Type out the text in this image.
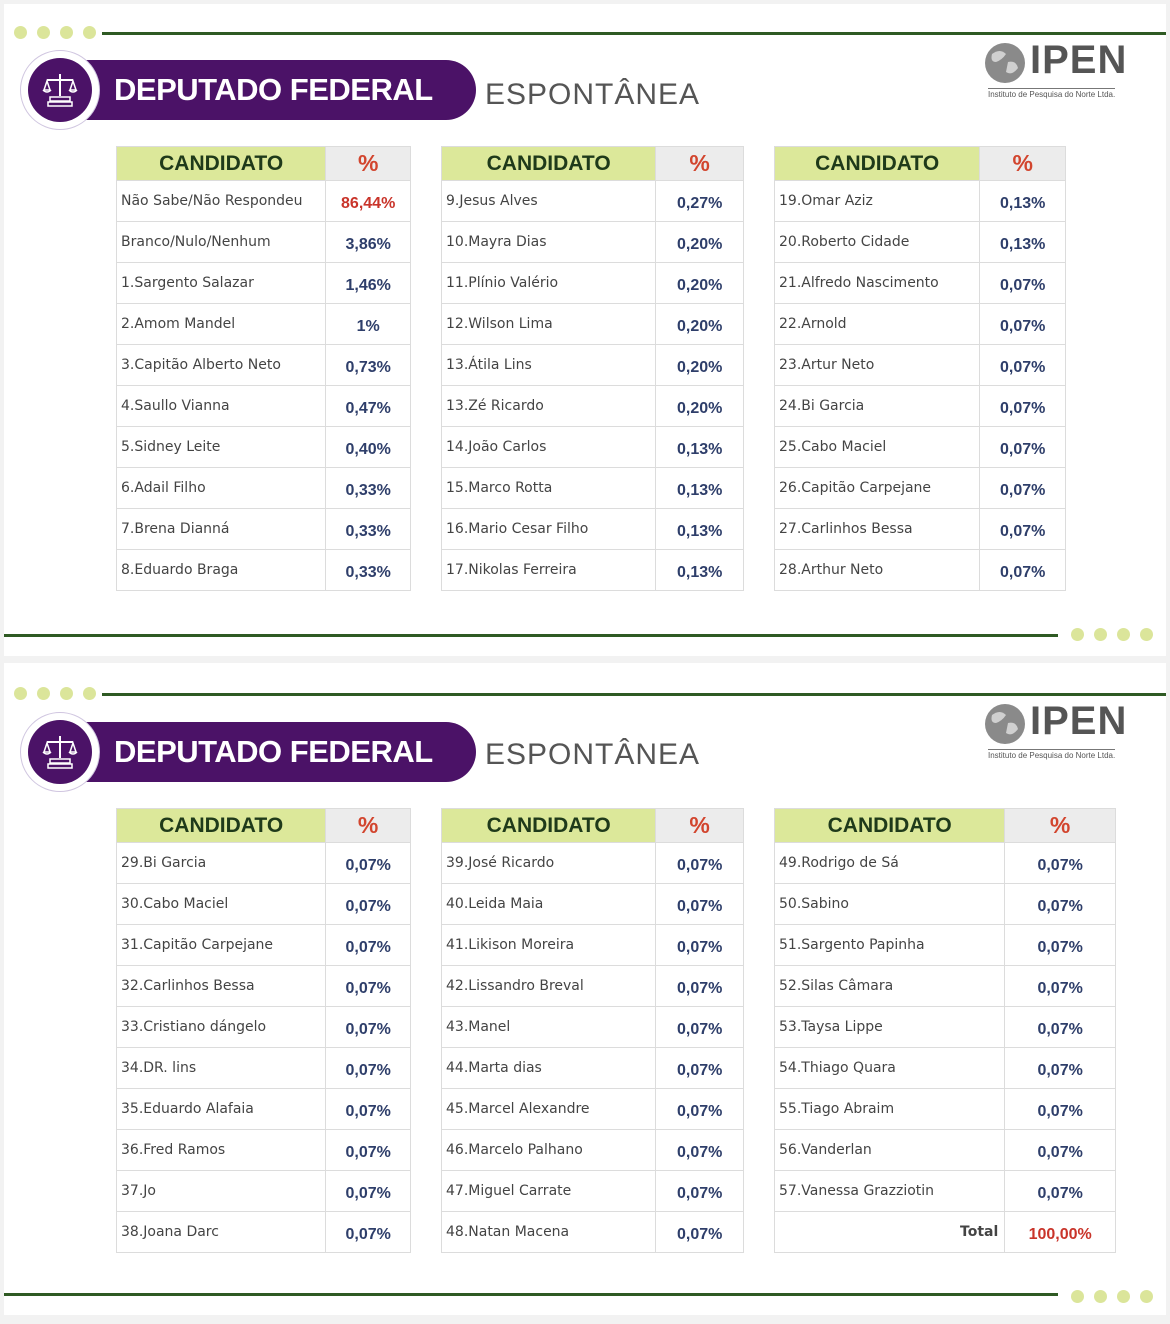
DEPUTADO FEDERAL	ESPONTÂNEA
IPEN
Instituto de Pesquisa do Norte Ltda.
CANDIDATO	%
Não Sabe/Não Respondeu	86,44%
Branco/Nulo/Nenhum	3,86%
1.Sargento Salazar	1,46%
2.Amom Mandel	1%
3.Capitão Alberto Neto	0,73%
4.Saullo Vianna	0,47%
5.Sidney Leite	0,40%
6.Adail Filho	0,33%
7.Brena Dianná	0,33%
8.Eduardo Braga	0,33%
CANDIDATO	%
9.Jesus Alves	0,27%
10.Mayra Dias	0,20%
11.Plínio Valério	0,20%
12.Wilson Lima	0,20%
13.Átila Lins	0,20%
13.Zé Ricardo	0,20%
14.João Carlos	0,13%
15.Marco Rotta	0,13%
16.Mario Cesar Filho	0,13%
17.Nikolas Ferreira	0,13%
CANDIDATO	%
19.Omar Aziz	0,13%
20.Roberto Cidade	0,13%
21.Alfredo Nascimento	0,07%
22.Arnold	0,07%
23.Artur Neto	0,07%
24.Bi Garcia	0,07%
25.Cabo Maciel	0,07%
26.Capitão Carpejane	0,07%
27.Carlinhos Bessa	0,07%
28.Arthur Neto	0,07%
DEPUTADO FEDERAL	ESPONTÂNEA
IPEN
Instituto de Pesquisa do Norte Ltda.
CANDIDATO	%
29.Bi Garcia	0,07%
30.Cabo Maciel	0,07%
31.Capitão Carpejane	0,07%
32.Carlinhos Bessa	0,07%
33.Cristiano dángelo	0,07%
34.DR. lins	0,07%
35.Eduardo Alafaia	0,07%
36.Fred Ramos	0,07%
37.Jo	0,07%
38.Joana Darc	0,07%
CANDIDATO	%
39.José Ricardo	0,07%
40.Leida Maia	0,07%
41.Likison Moreira	0,07%
42.Lissandro Breval	0,07%
43.Manel	0,07%
44.Marta dias	0,07%
45.Marcel Alexandre	0,07%
46.Marcelo Palhano	0,07%
47.Miguel Carrate	0,07%
48.Natan Macena	0,07%
CANDIDATO	%
49.Rodrigo de Sá	0,07%
50.Sabino	0,07%
51.Sargento Papinha	0,07%
52.Silas Câmara	0,07%
53.Taysa Lippe	0,07%
54.Thiago Quara	0,07%
55.Tiago Abraim	0,07%
56.Vanderlan	0,07%
57.Vanessa Grazziotin	0,07%
Total	100,00%
